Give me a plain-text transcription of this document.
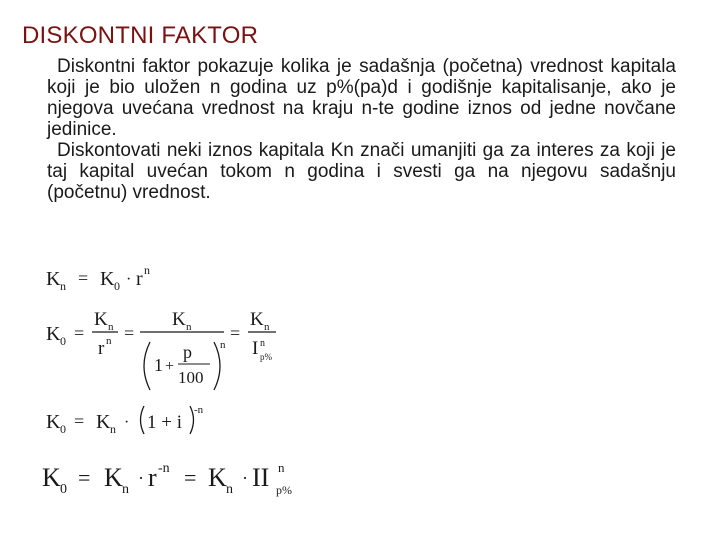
DISKONTNI FAKTOR

Diskontni faktor pokazuje kolika je sadašnja (početna) vrednost kapitala koji je bio uložen n godina uz p%(pa)d i godišnje kapitalisanje, ako je njegova uvećana vrednost na kraju n-te godine iznos od jedne novčane jedinice.

Diskontovati neki iznos kapitala Kn znači umanjiti ga za interes za koji je taj kapital uvećan tokom n godina i svesti ga na njegovu sadašnju (početnu) vrednost.

K n = K 0 · r n
K 0 =
K n
r n =
K n
1 +
p
100
n
=
K n
I n
p%
K 0 = K n · 1 + i
-n
K 0 = K n
· r -n = K n
· II n
p%
